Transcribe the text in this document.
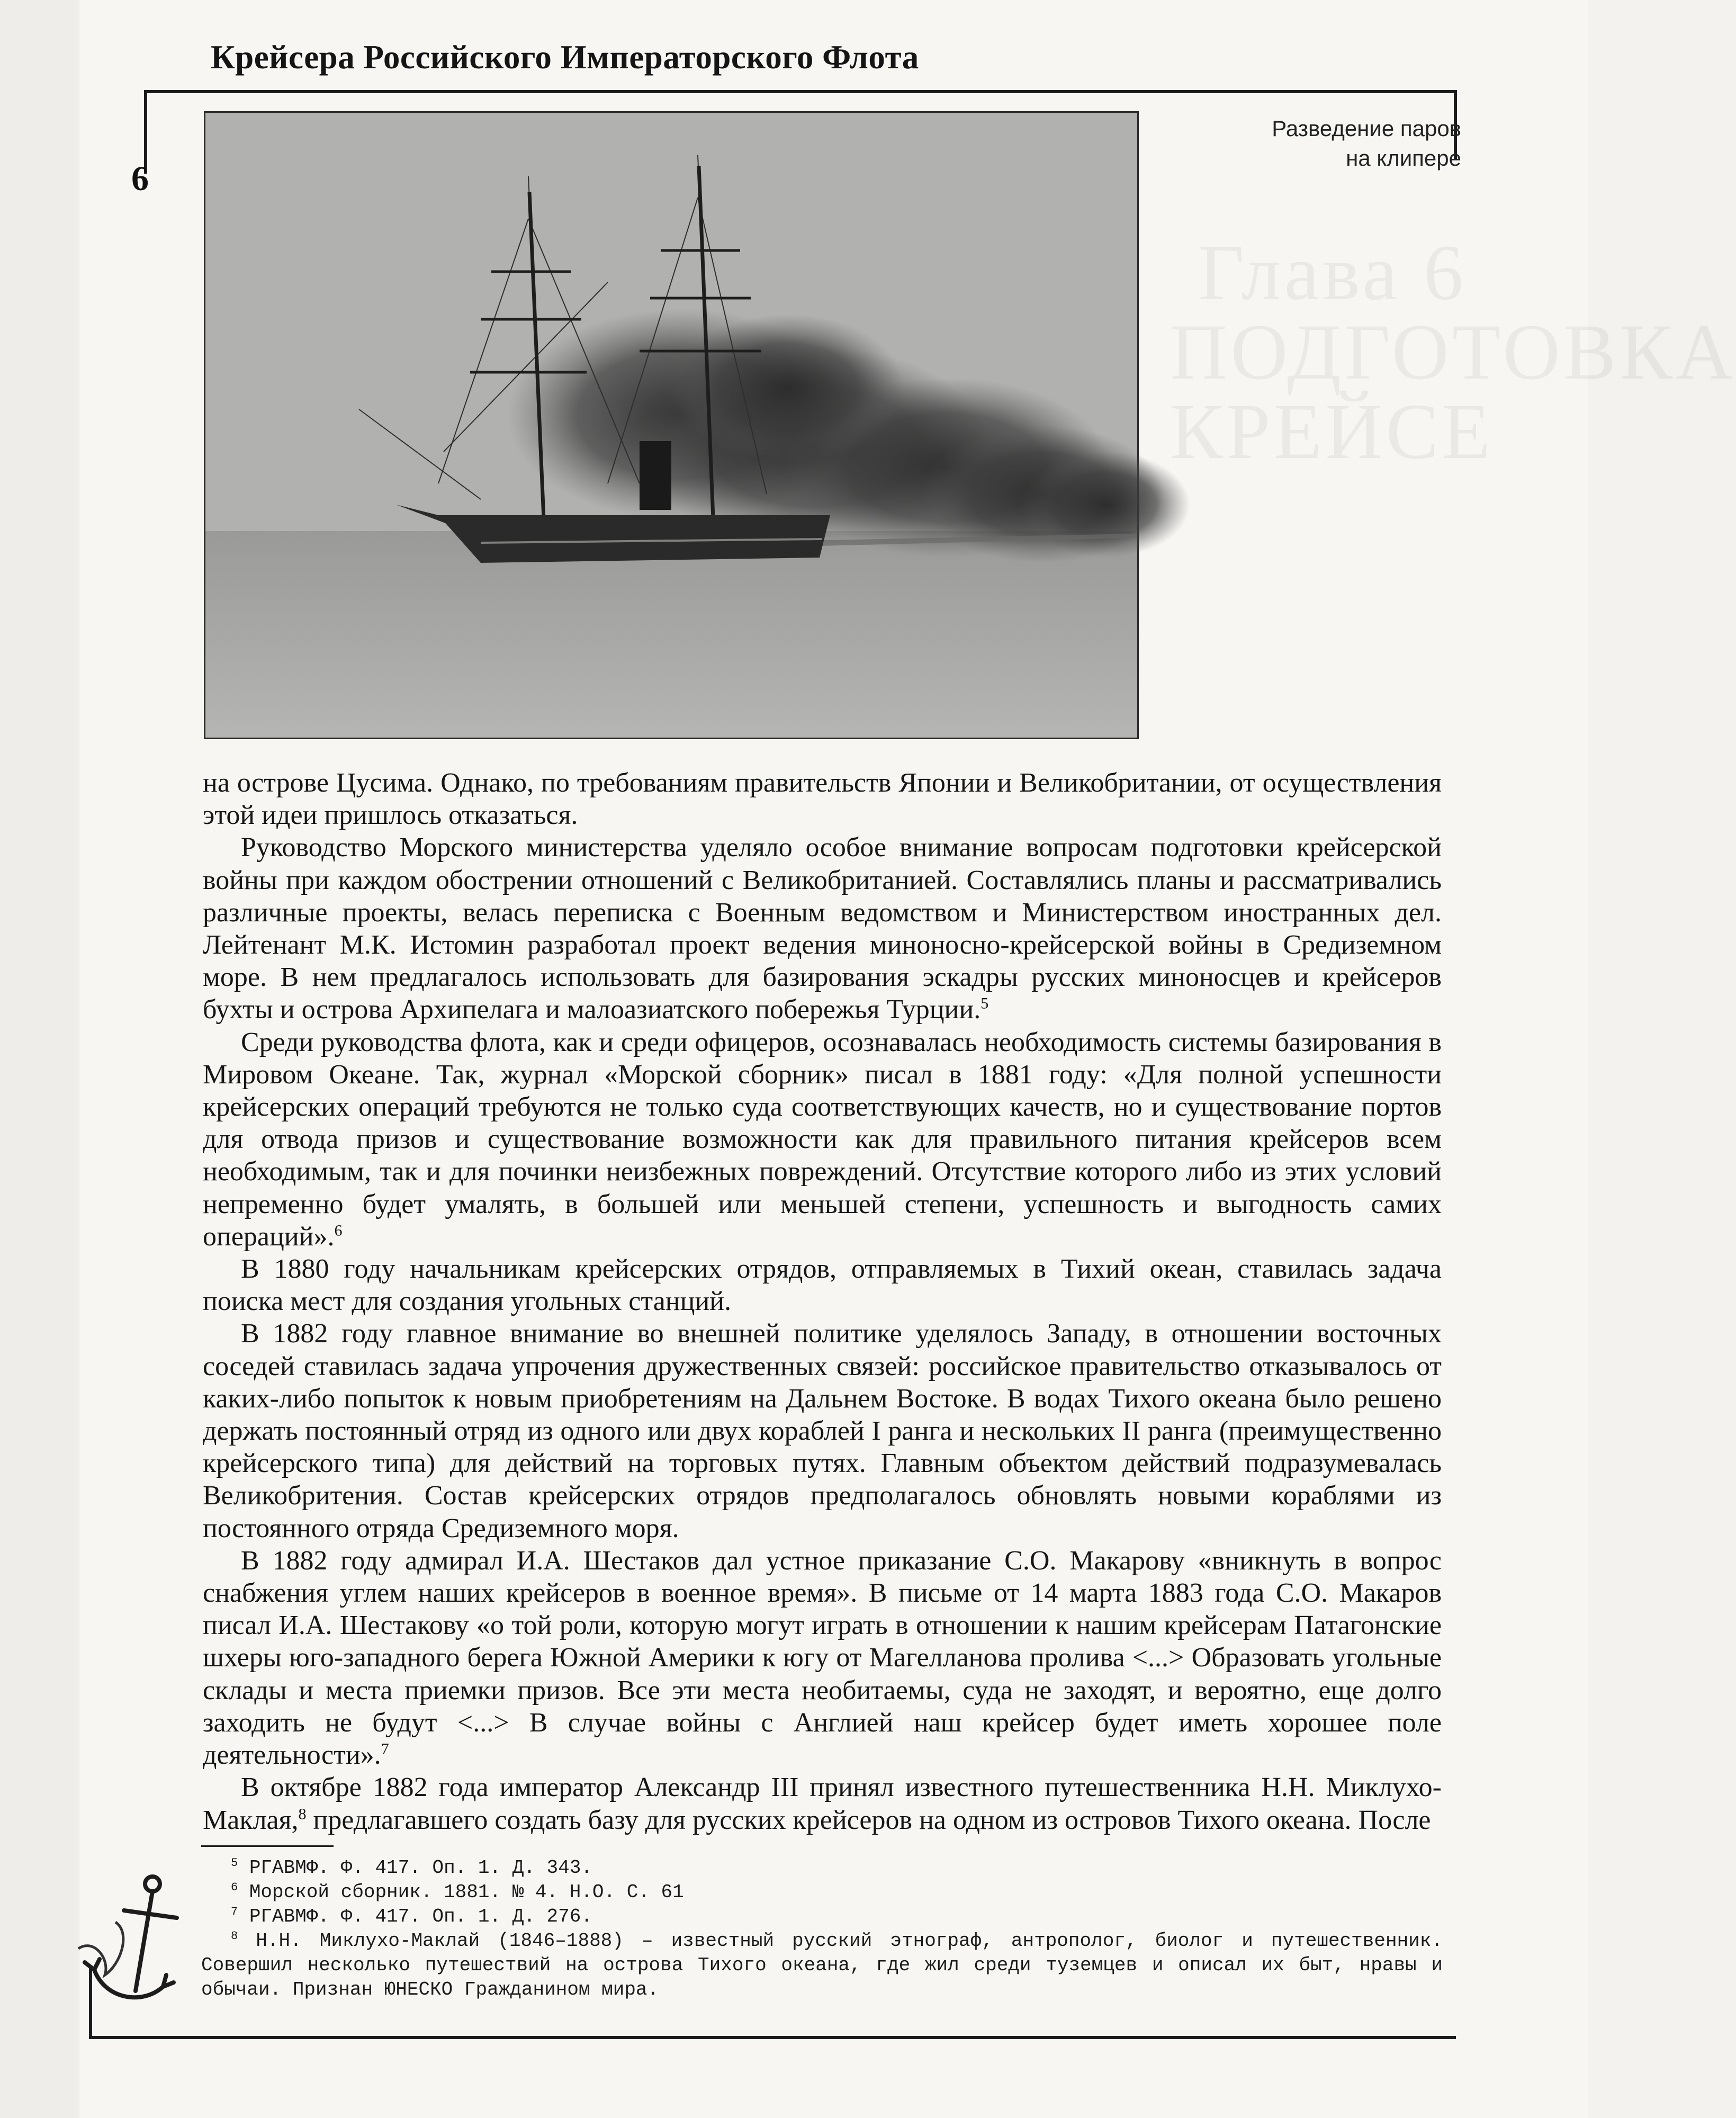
Крейсера Российского Императорского Флота
6
Глава 6
ПОДГОТОВКА
КРЕЙСЕ
Разведение паров
на клипере

на острове Цусима. Однако, по требованиям правительств Японии и Великобритании, от осуществления этой идеи пришлось отказаться.

Руководство Морского министерства уделяло особое внимание вопросам подготовки крейсерской войны при каждом обострении отношений с Великобританией. Составлялись планы и рассматривались различные проекты, велась переписка с Военным ведомством и Министерством иностранных дел. Лейтенант М.К. Истомин разработал проект ведения миноносно-крейсерской войны в Средиземном море. В нем предлагалось использовать для базирования эскадры русских миноносцев и крейсеров бухты и острова Архипелага и малоазиатского побережья Турции.$^5$

Среди руководства флота, как и среди офицеров, осознавалась необходимость системы базирования в Мировом Океане. Так, журнал «Морской сборник» писал в 1881 году: «Для полной успешности крейсерских операций требуются не только суда соответствующих качеств, но и существование портов для отвода призов и существование возможности как для правильного питания крейсеров всем необходимым, так и для починки неизбежных повреждений. Отсутствие которого либо из этих условий непременно будет умалять, в большей или меньшей степени, успешность и выгодность самих операций».$^6$

В 1880 году начальникам крейсерских отрядов, отправляемых в Тихий океан, ставилась задача поиска мест для создания угольных станций.

В 1882 году главное внимание во внешней политике уделялось Западу, в отношении восточных соседей ставилась задача упрочения дружественных связей: российское правительство отказывалось от каких-либо попыток к новым приобретениям на Дальнем Востоке. В водах Тихого океана было решено держать постоянный отряд из одного или двух кораблей I ранга и нескольких II ранга (преимущественно крейсерского типа) для действий на торговых путях. Главным объектом действий подразумевалась Великобритения. Состав крейсерских отрядов предполагалось обновлять новыми кораблями из постоянного отряда Средиземного моря.

В 1882 году адмирал И.А. Шестаков дал устное приказание С.О. Макарову «вникнуть в вопрос снабжения углем наших крейсеров в военное время». В письме от 14 марта 1883 года С.О. Макаров писал И.А. Шестакову «о той роли, которую могут играть в отношении к нашим крейсерам Патагонские шхеры юго-западного берега Южной Америки к югу от Магелланова пролива <...> Образовать угольные склады и места приемки призов. Все эти места необитаемы, суда не заходят, и вероятно, еще долго заходить не будут <...> В случае войны с Англией наш крейсер будет иметь хорошее поле деятельности».$^7$

В октябре 1882 года император Александр III принял известного путешественника Н.Н. Миклухо-Маклая,$^8$ предлагавшего создать базу для русских крейсеров на одном из островов Тихого океана. После

$^5$ РГАВМФ. Ф. 417. Оп. 1. Д. 343.

$^6$ Морской сборник. 1881. № 4. Н.О. С. 61

$^7$ РГАВМФ. Ф. 417. Оп. 1. Д. 276.

$^8$ Н.Н. Миклухо-Маклай (1846–1888) – известный русский этнограф, антрополог, биолог и путешественник. Совершил несколько путешествий на острова Тихого океана, где жил среди туземцев и описал их быт, нравы и обычаи. Признан ЮНЕСКО Гражданином мира.
